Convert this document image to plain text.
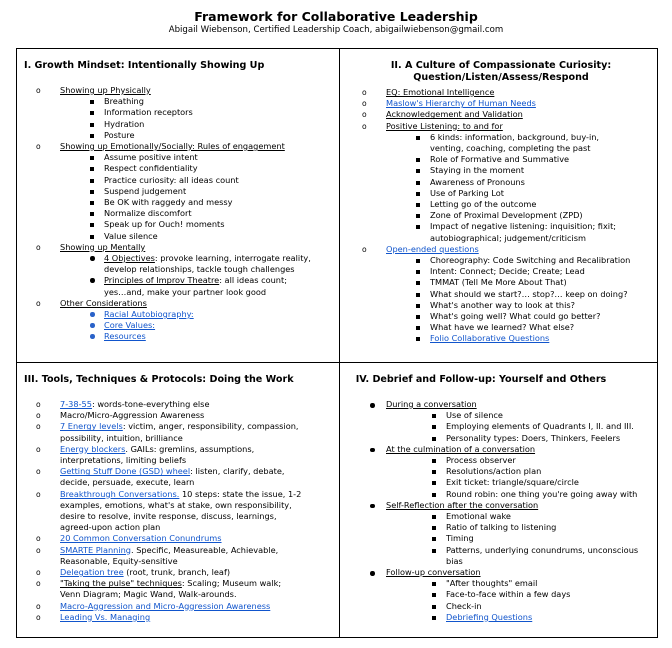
Framework for Collaborative Leadership
Abigail Wiebenson, Certified Leadership Coach, abigailwiebenson@gmail.com
I. Growth Mindset: Intentionally Showing Up
o Showing up Physically
Breathing
Information receptors
Hydration
Posture
o Showing up Emotionally/Socially: Rules of engagement
Assume positive intent
Respect confidentiality
Practice curiosity: all ideas count
Suspend judgement
Be OK with raggedy and messy
Normalize discomfort
Speak up for Ouch! moments
Value silence
o Showing up Mentally
4 Objectives: provoke learning, interrogate reality,
develop relationships, tackle tough challenges
Principles of Improv Theatre: all ideas count;
yes…and, make your partner look good
o Other Considerations
Racial Autobiography:
Core Values:
Resources
II. A Culture of Compassionate Curiosity:
Question/Listen/Assess/Respond
o EQ: Emotional Intelligence
o Maslow's Hierarchy of Human Needs
o Acknowledgement and Validation
o Positive Listening: to and for
6 kinds: information, background, buy-in,
venting, coaching, completing the past
Role of Formative and Summative
Staying in the moment
Awareness of Pronouns
Use of Parking Lot
Letting go of the outcome
Zone of Proximal Development (ZPD)
Impact of negative listening: inquisition; fixit;
autobiographical; judgement/criticism
o Open-ended questions
Choreography: Code Switching and Recalibration
Intent: Connect; Decide; Create; Lead
TMMAT (Tell Me More About That)
What should we start?… stop?… keep on doing?
What's another way to look at this?
What's going well? What could go better?
What have we learned? What else?
Folio Collaborative Questions
III. Tools, Techniques & Protocols: Doing the Work
o 7-38-55: words-tone-everything else
o Macro/Micro-Aggression Awareness
o 7 Energy levels: victim, anger, responsibility, compassion,
possibility, intuition, brilliance
o Energy blockers. GAILs: gremlins, assumptions,
interpretations, limiting beliefs
o Getting Stuff Done (GSD) wheel: listen, clarify, debate,
decide, persuade, execute, learn
o Breakthrough Conversations. 10 steps: state the issue, 1-2
examples, emotions, what's at stake, own responsibility,
desire to resolve, invite response, discuss, learnings,
agreed-upon action plan
o 20 Common Conversation Conundrums
o SMARTE Planning. Specific, Measureable, Achievable,
Reasonable, Equity-sensitive
o Delegation tree (root, trunk, branch, leaf)
o "Taking the pulse" techniques: Scaling; Museum walk;
Venn Diagram; Magic Wand, Walk-arounds.
o Macro-Aggression and Micro-Aggression Awareness
o Leading Vs. Managing
IV. Debrief and Follow-up: Yourself and Others
During a conversation
Use of silence
Employing elements of Quadrants I, II. and III.
Personality types: Doers, Thinkers, Feelers
At the culmination of a conversation
Process observer
Resolutions/action plan
Exit ticket: triangle/square/circle
Round robin: one thing you're going away with
Self-Reflection after the conversation
Emotional wake
Ratio of talking to listening
Timing
Patterns, underlying conundrums, unconscious
bias
Follow-up conversation
"After thoughts" email
Face-to-face within a few days
Check-in
Debriefing Questions
